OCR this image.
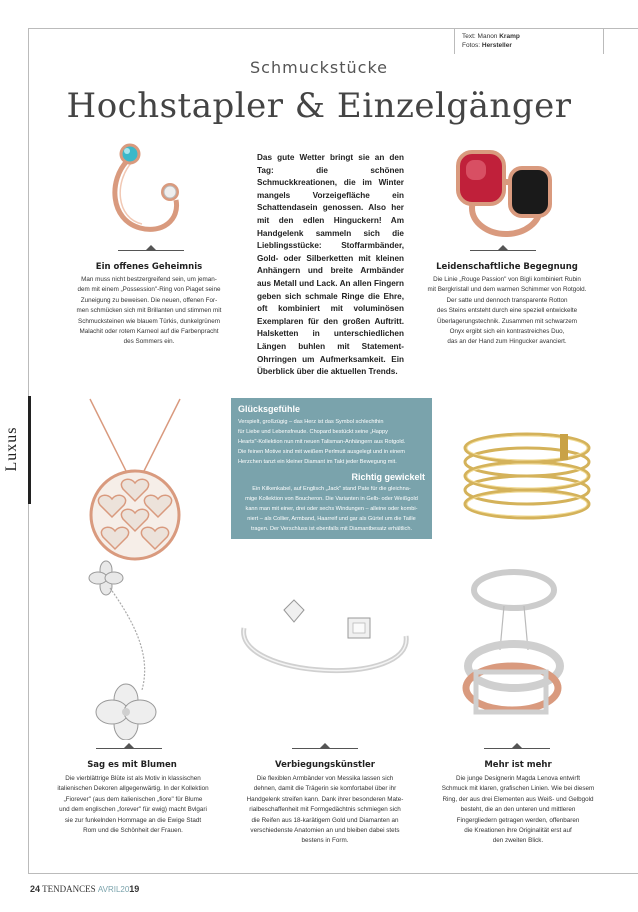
Text: Manon Kramp
Fotos: Hersteller
Luxus
Schmuckstücke
Hochstapler & Einzelgänger
Das gute Wetter bringt sie an den Tag: die schönen Schmuckkreationen, die im Winter mangels Vorzeigefläche ein Schattendasein genossen. Also her mit den edlen Hinguckern! Am Handgelenk sammeln sich die Lieblingsstücke: Stoffarmbänder, Gold- oder Silberketten mit kleinen Anhängern und breite Armbänder aus Metall und Lack. An allen Fingern geben sich schmale Ringe die Ehre, oft kombiniert mit voluminösen Exemplaren für den großen Auftritt. Halsketten in unterschiedlichen Längen buhlen mit Statement-Ohrringen um Aufmerksamkeit. Ein Überblick über die aktuellen Trends.
Ein offenes Geheimnis
Man muss nicht bestzergreifend sein, um jeman-
dem mit einem „Possession"-Ring von Piaget seine
Zuneigung zu beweisen. Die neuen, offenen For-
men schmücken sich mit Brillanten und stimmen mit
Schmucksteinen wie blauem Türkis, dunkelgrünem
Malachit oder rotem Karneol auf die Farbenpracht
des Sommers ein.
Leidenschaftliche Begegnung
Die Linie „Rouge Passion" von Bigli kombiniert Rubin
mit Bergkristall und dem warmen Schimmer von Rotgold.
Der satte und dennoch transparente Rotton
des Steins entsteht durch eine speziell entwickelte
Überlagerungstechnik. Zusammen mit schwarzem
Onyx ergibt sich ein kontrastreiches Duo,
das an der Hand zum Hingucker avanciert.
Glücksgefühle
Verspielt, großzügig – das Herz ist das Symbol schlechthin
für Liebe und Lebensfreude. Chopard bestückt seine „Happy
Hearts"-Kollektion nun mit neuen Talisman-Anhängern aus Rotgold.
Die feinen Motive sind mit weißem Perlmutt ausgelegt und in einem
Herzchen tanzt ein kleiner Diamant im Takt jeder Bewegung mit.
Richtig gewickelt
Ein Kilkenkabel, auf Englisch „Jack" stand Pate für die gleichna-
mige Kollektion von Boucheron. Die Varianten in Gelb- oder Weißgold
kann man mit einer, drei oder sechs Windungen – alleine oder kombi-
niert – als Collier, Armband, Haarreif und gar als Gürtel um die Taille
tragen. Der Verschluss ist ebenfalls mit Diamantbesatz erhältlich.
Sag es mit Blumen
Die vierblättrige Blüte ist als Motiv in klassischen
italienischen Dekoren allgegenwärtig. In der Kollektion
„Fiorever" (aus dem italienischen „fiore" für Blume
und dem englischen „forever" für ewig) macht Bvlgari
sie zur funkelnden Hommage an die Ewige Stadt
Rom und die Schönheit der Frauen.
Verbiegungskünstler
Die flexiblen Armbänder von Messika lassen sich
dehnen, damit die Trägerin sie komfortabel über ihr
Handgelenk streifen kann. Dank ihrer besonderen Mate-
rialbeschaffenheit mit Formgedächtnis schmiegen sich
die Reifen aus 18-karätigem Gold und Diamanten an
verschiedenste Anatomien an und bleiben dabei stets
bestens in Form.
Mehr ist mehr
Die junge Designerin Magda Lenova entwirft
Schmuck mit klaren, grafischen Linien. Wie bei diesem
Ring, der aus drei Elementen aus Weiß- und Gelbgold
besteht, die an den unteren und mittleren
Fingergliedern getragen werden, offenbaren
die Kreationen ihre Originalität erst auf
den zweiten Blick.
24 TENDANCES AVRIL2019
